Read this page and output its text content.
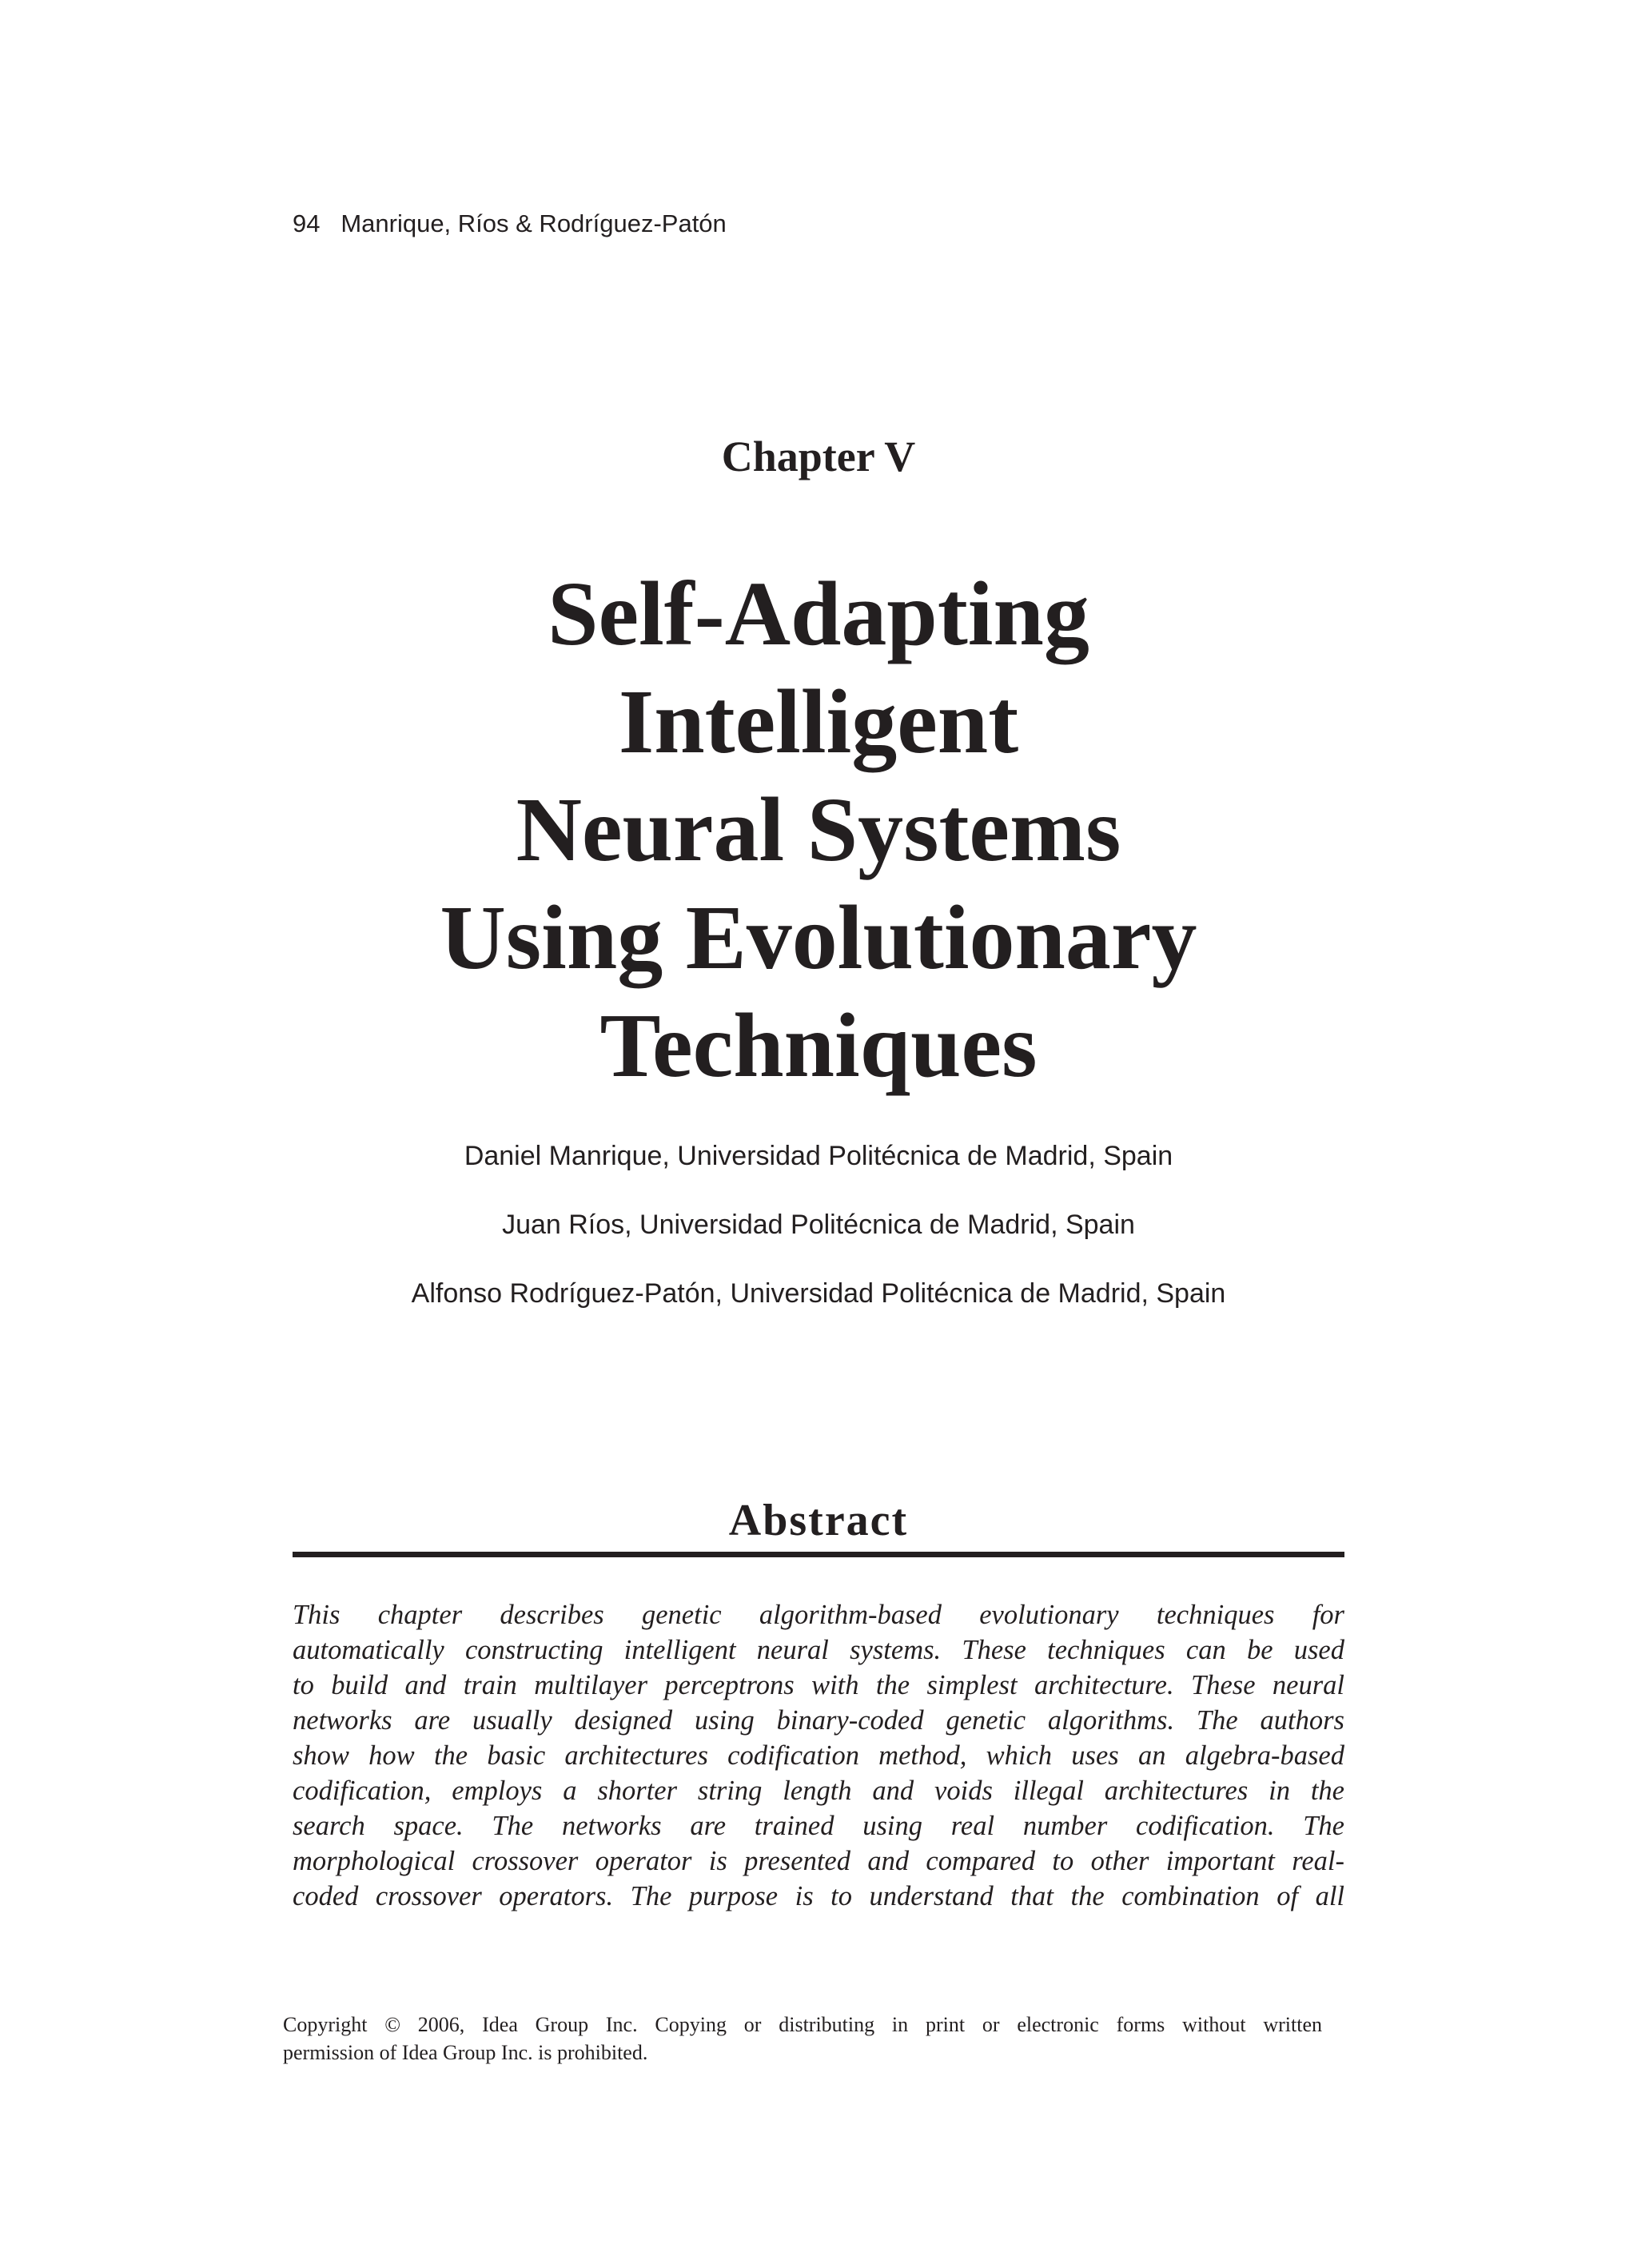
94   Manrique, Ríos & Rodríguez-Patón

Chapter V
Self-Adapting
Intelligent
Neural Systems
Using Evolutionary
Techniques
Daniel Manrique, Universidad Politécnica de Madrid, Spain
Juan Ríos, Universidad Politécnica de Madrid, Spain
Alfonso Rodríguez-Patón, Universidad Politécnica de Madrid, Spain
Abstract
This chapter describes genetic algorithm-based evolutionary techniques for
automatically constructing intelligent neural systems. These techniques can be used
to build and train multilayer perceptrons with the simplest architecture. These neural
networks are usually designed using binary-coded genetic algorithms. The authors
show how the basic architectures codification method, which uses an algebra-based
codification, employs a shorter string length and voids illegal architectures in the
search space. The networks are trained using real number codification. The
morphological crossover operator is presented and compared to other important real-
coded crossover operators. The purpose is to understand that the combination of all
Copyright © 2006, Idea Group Inc. Copying or distributing in print or electronic forms without written
permission of Idea Group Inc. is prohibited.
